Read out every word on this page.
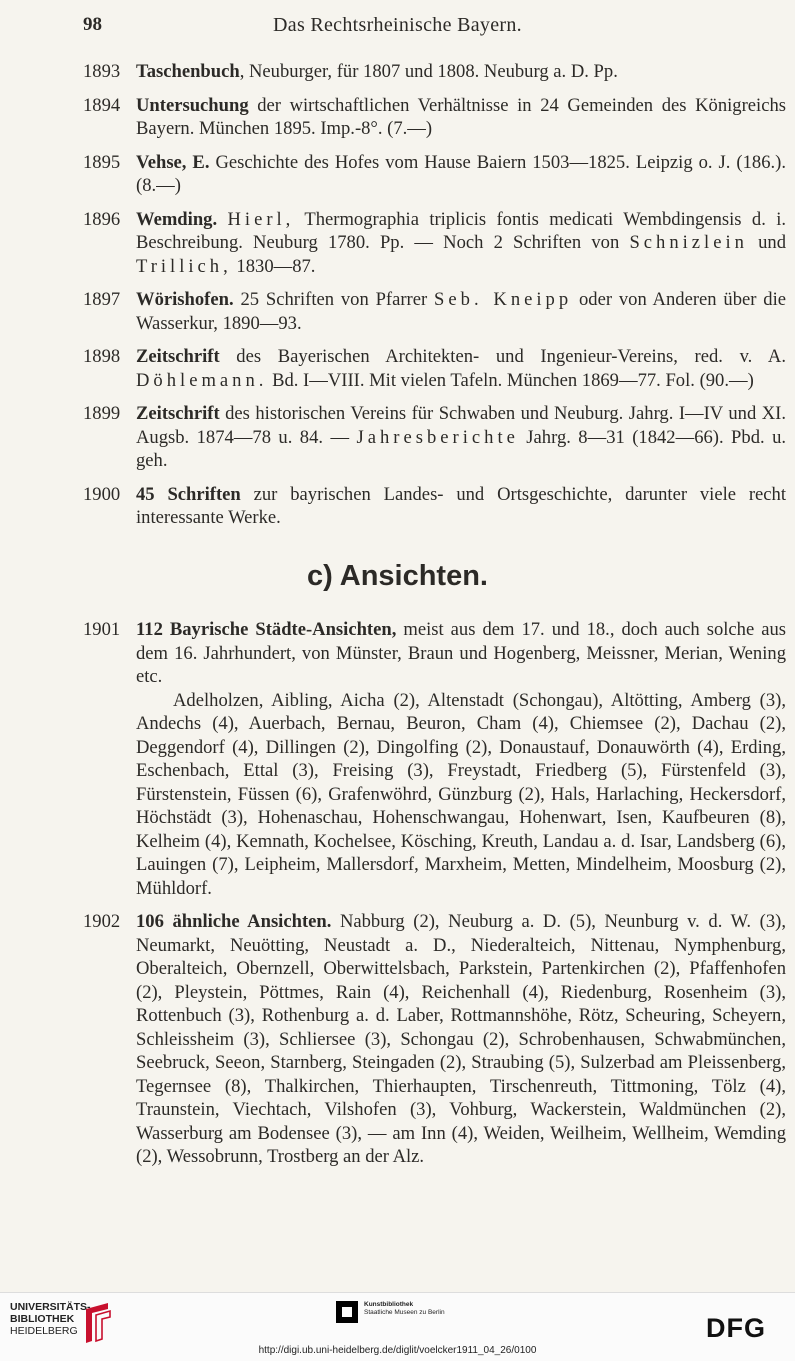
98	Das Rechtsrheinische Bayern.
1893 Taschenbuch, Neuburger, für 1807 und 1808. Neuburg a. D. Pp.
1894 Untersuchung der wirtschaftlichen Verhältnisse in 24 Gemeinden des Königreichs Bayern. München 1895. Imp.-8°. (7.—)
1895 Vehse, E. Geschichte des Hofes vom Hause Baiern 1503—1825. Leipzig o. J. (186.). (8.—)
1896 Wemding. Hierl, Thermographia triplicis fontis medicati Wembdingensis d. i. Beschreibung. Neuburg 1780. Pp. — Noch 2 Schriften von Schnizlein und Trillich, 1830—87.
1897 Wörishofen. 25 Schriften von Pfarrer Seb. Kneipp oder von Anderen über die Wasserkur, 1890—93.
1898 Zeitschrift des Bayerischen Architekten- und Ingenieur-Vereins, red. v. A. Döhlemann. Bd. I—VIII. Mit vielen Tafeln. München 1869—77. Fol. (90.—)
1899 Zeitschrift des historischen Vereins für Schwaben und Neuburg. Jahrg. I—IV und XI. Augsb. 1874—78 u. 84. — Jahresberichte Jahrg. 8—31 (1842—66). Pbd. u. geh.
1900 45 Schriften zur bayrischen Landes- und Ortsgeschichte, darunter viele recht interessante Werke.
c) Ansichten.
1901 112 Bayrische Städte-Ansichten, meist aus dem 17. und 18., doch auch solche aus dem 16. Jahrhundert, von Münster, Braun und Hogenberg, Meissner, Merian, Wening etc.
Adelholzen, Aibling, Aicha (2), Altenstadt (Schongau), Altötting, Amberg (3), Andechs (4), Auerbach, Bernau, Beuron, Cham (4), Chiemsee (2), Dachau (2), Deggendorf (4), Dillingen (2), Dingolfing (2), Donaustauf, Donauwörth (4), Erding, Eschenbach, Ettal (3), Freising (3), Freystadt, Friedberg (5), Fürstenfeld (3), Fürstenstein, Füssen (6), Grafenwöhrd, Günzburg (2), Hals, Harlaching, Heckersdorf, Höchstädt (3), Hohenaschau, Hohenschwangau, Hohenwart, Isen, Kaufbeuren (8), Kelheim (4), Kemnath, Kochelsee, Kösching, Kreuth, Landau a. d. Isar, Landsberg (6), Lauingen (7), Leipheim, Mallersdorf, Marxheim, Metten, Mindelheim, Moosburg (2), Mühldorf.
1902 106 ähnliche Ansichten. Nabburg (2), Neuburg a. D. (5), Neunburg v. d. W. (3), Neumarkt, Neuötting, Neustadt a. D., Niederalteich, Nittenau, Nymphenburg, Oberalteich, Obernzell, Oberwittelsbach, Parkstein, Partenkirchen (2), Pfaffenhofen (2), Pleystein, Pöttmes, Rain (4), Reichenhall (4), Riedenburg, Rosenheim (3), Rottenbuch (3), Rothenburg a. d. Laber, Rottmannshöhe, Rötz, Scheuring, Scheyern, Schleissheim (3), Schliersee (3), Schongau (2), Schrobenhausen, Schwabmünchen, Seebruck, Seeon, Starnberg, Steingaden (2), Straubing (5), Sulzerbad am Pleissenberg, Tegernsee (8), Thalkirchen, Thierhaupten, Tirschenreuth, Tittmoning, Tölz (4), Traunstein, Viechtach, Vilshofen (3), Vohburg, Wackerstein, Waldmünchen (2), Wasserburg am Bodensee (3), — am Inn (4), Weiden, Weilheim, Wellheim, Wemding (2), Wessobrunn, Trostberg an der Alz.
UNIVERSITÄTS-
BIBLIOTHEK
HEIDELBERG
Kunstbibliothek
Staatliche Museen zu Berlin
DFG
http://digi.ub.uni-heidelberg.de/diglit/voelcker1911_04_26/0100
